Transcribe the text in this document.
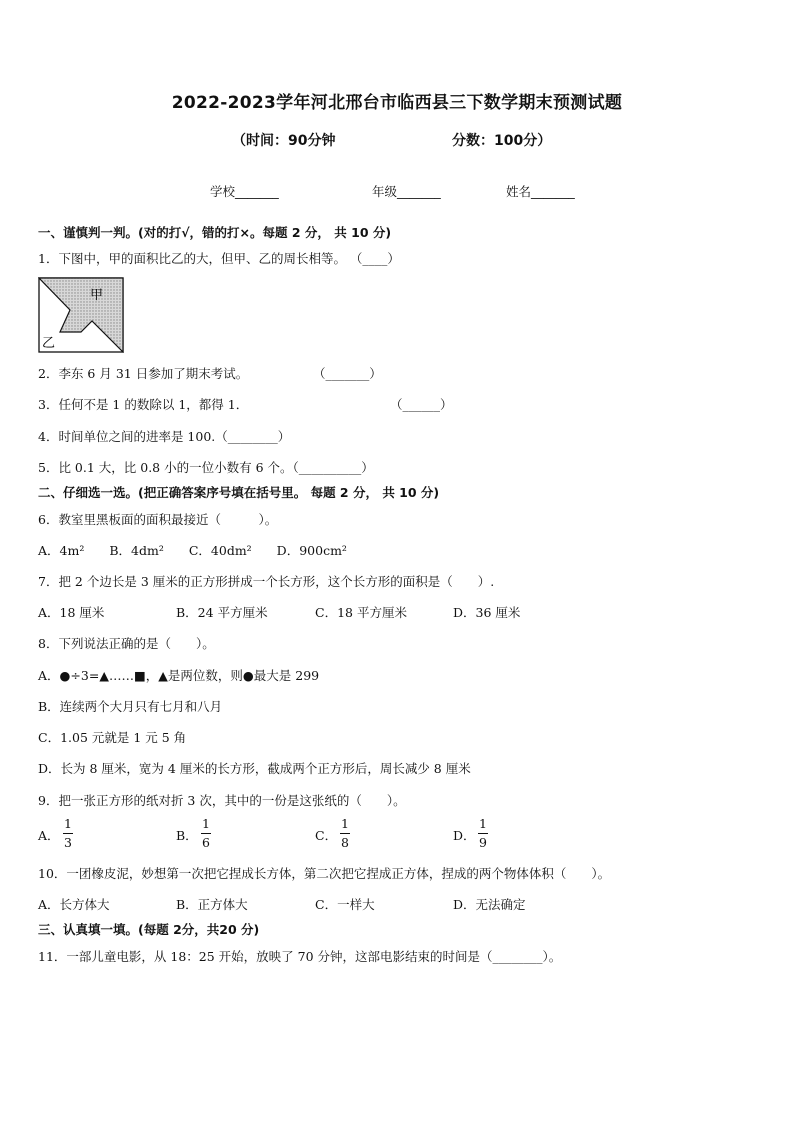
2022-2023学年河北邢台市临西县三下数学期末预测试题
（时间：90分钟	分数：100分）
学校_______	年级_______	姓名_______
一、谨慎判一判。(对的打√，错的打×。每题 2 分， 共 10 分)
1．下图中，甲的面积比乙的大，但甲、乙的周长相等。 （____）
甲
乙
2．李东 6 月 31 日参加了期末考试。	（_______）
3．任何不是 1 的数除以 1，都得 1．	（______）
4．时间单位之间的进率是 100.（________）
5．比 0.1 大，比 0.8 小的一位小数有 6 个。（__________）
二、仔细选一选。(把正确答案序号填在括号里。 每题 2 分， 共 10 分)
6．教室里黑板面的面积最接近（　　　）。
A．4m²　　B．4dm²　　C．40dm²　　D．900cm²
7．把 2 个边长是 3 厘米的正方形拼成一个长方形，这个长方形的面积是（　　）.
A．18 厘米	B．24 平方厘米	C．18 平方厘米	D．36 厘米
8．下列说法正确的是（　　）。
A．●÷3=▲……■，▲是两位数，则●最大是 299
B．连续两个大月只有七月和八月
C．1.05 元就是 1 元 5 角
D．长为 8 厘米，宽为 4 厘米的长方形，截成两个正方形后，周长减少 8 厘米
9．把一张正方形的纸对折 3 次，其中的一份是这张纸的（　　）。
A．
1
3	B．
1
6	C．
1
8	D．
1
9
10．一团橡皮泥，妙想第一次把它捏成长方体，第二次把它捏成正方体，捏成的两个物体体积（　　）。
A．长方体大	B．正方体大	C．一样大	D．无法确定
三、认真填一填。(每题 2分，共20 分)
11．一部儿童电影，从 18：25 开始，放映了 70 分钟，这部电影结束的时间是（________）。
